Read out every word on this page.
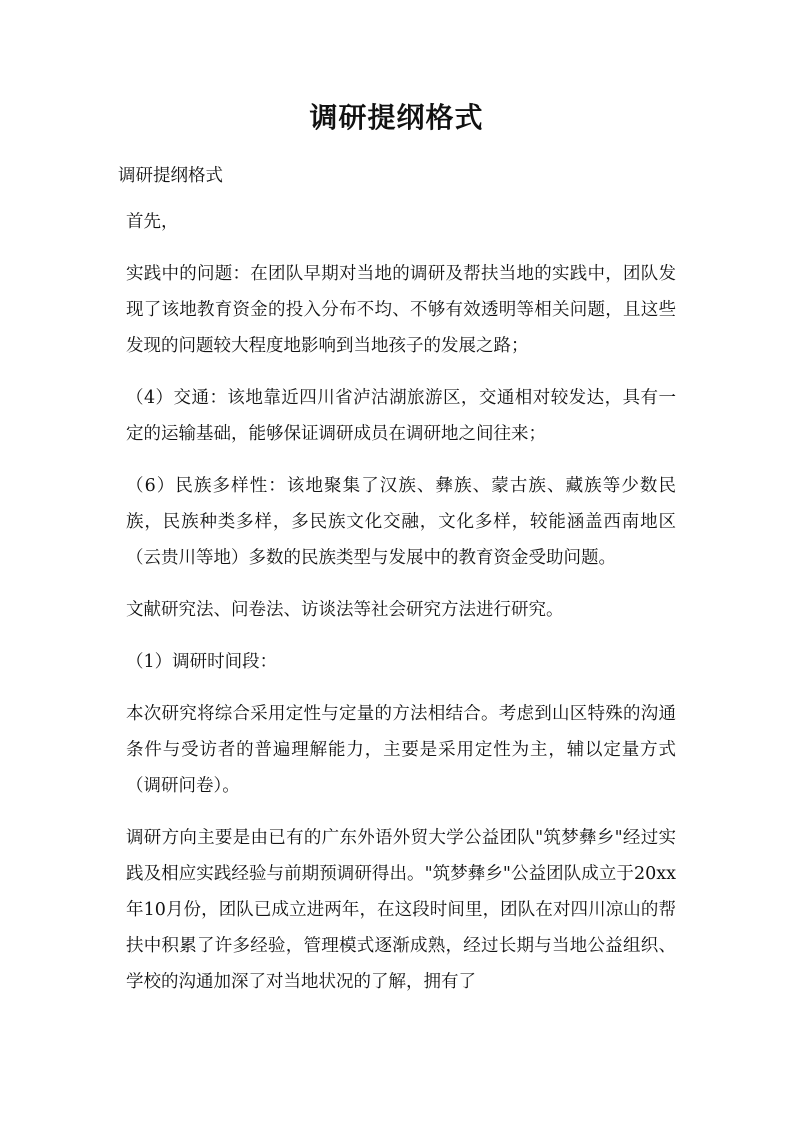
调研提纲格式

调研提纲格式

首先，

实践中的问题：在团队早期对当地的调研及帮扶当地的实践中，团队发现了该地教育资金的投入分布不均、不够有效透明等相关问题，且这些发现的问题较大程度地影响到当地孩子的发展之路；

（4）交通：该地靠近四川省泸沽湖旅游区，交通相对较发达，具有一定的运输基础，能够保证调研成员在调研地之间往来；

（6）民族多样性：该地聚集了汉族、彝族、蒙古族、藏族等少数民族，民族种类多样，多民族文化交融，文化多样，较能涵盖西南地区（云贵川等地）多数的民族类型与发展中的教育资金受助问题。

文献研究法、问卷法、访谈法等社会研究方法进行研究。

（1）调研时间段：

本次研究将综合采用定性与定量的方法相结合。考虑到山区特殊的沟通条件与受访者的普遍理解能力，主要是采用定性为主，辅以定量方式（调研问卷）。

调研方向主要是由已有的广东外语外贸大学公益团队"筑梦彝乡"经过实践及相应实践经验与前期预调研得出。"筑梦彝乡"公益团队成立于20xx年10月份，团队已成立进两年，在这段时间里，团队在对四川凉山的帮扶中积累了许多经验，管理模式逐渐成熟，经过长期与当地公益组织、学校的沟通加深了对当地状况的了解，拥有了
